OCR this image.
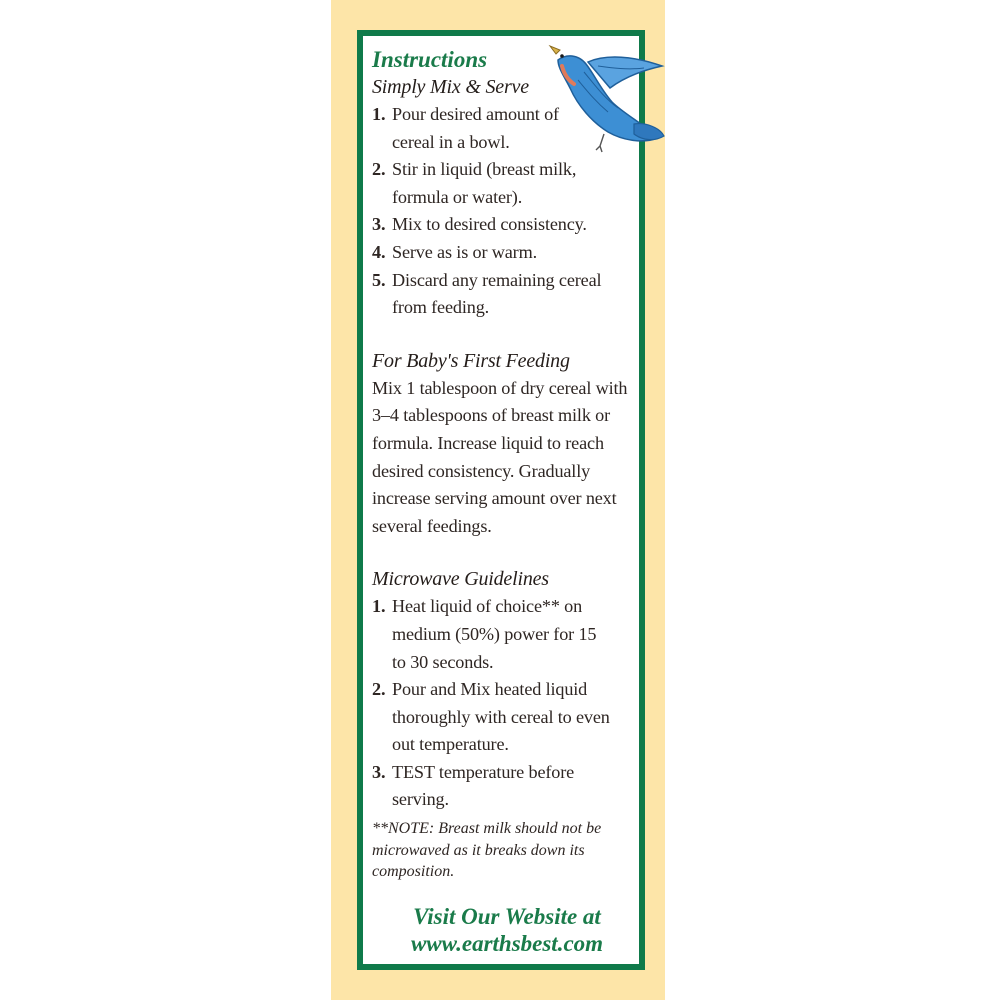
Instructions
Simply Mix & Serve
1. Pour desired amount of cereal in a bowl.
2. Stir in liquid (breast milk, formula or water).
3. Mix to desired consistency.
4. Serve as is or warm.
5. Discard any remaining cereal from feeding.
For Baby's First Feeding

Mix 1 tablespoon of dry cereal with 3–4 tablespoons of breast milk or formula. Increase liquid to reach desired consistency. Gradually increase serving amount over next several feedings.

Microwave Guidelines
1. Heat liquid of choice** on medium (50%) power for 15 to 30 seconds.
2. Pour and Mix heated liquid thoroughly with cereal to even out temperature.
3. TEST temperature before serving.

**NOTE: Breast milk should not be microwaved as it breaks down its composition.

Visit Our Website at
www.earthsbest.com
